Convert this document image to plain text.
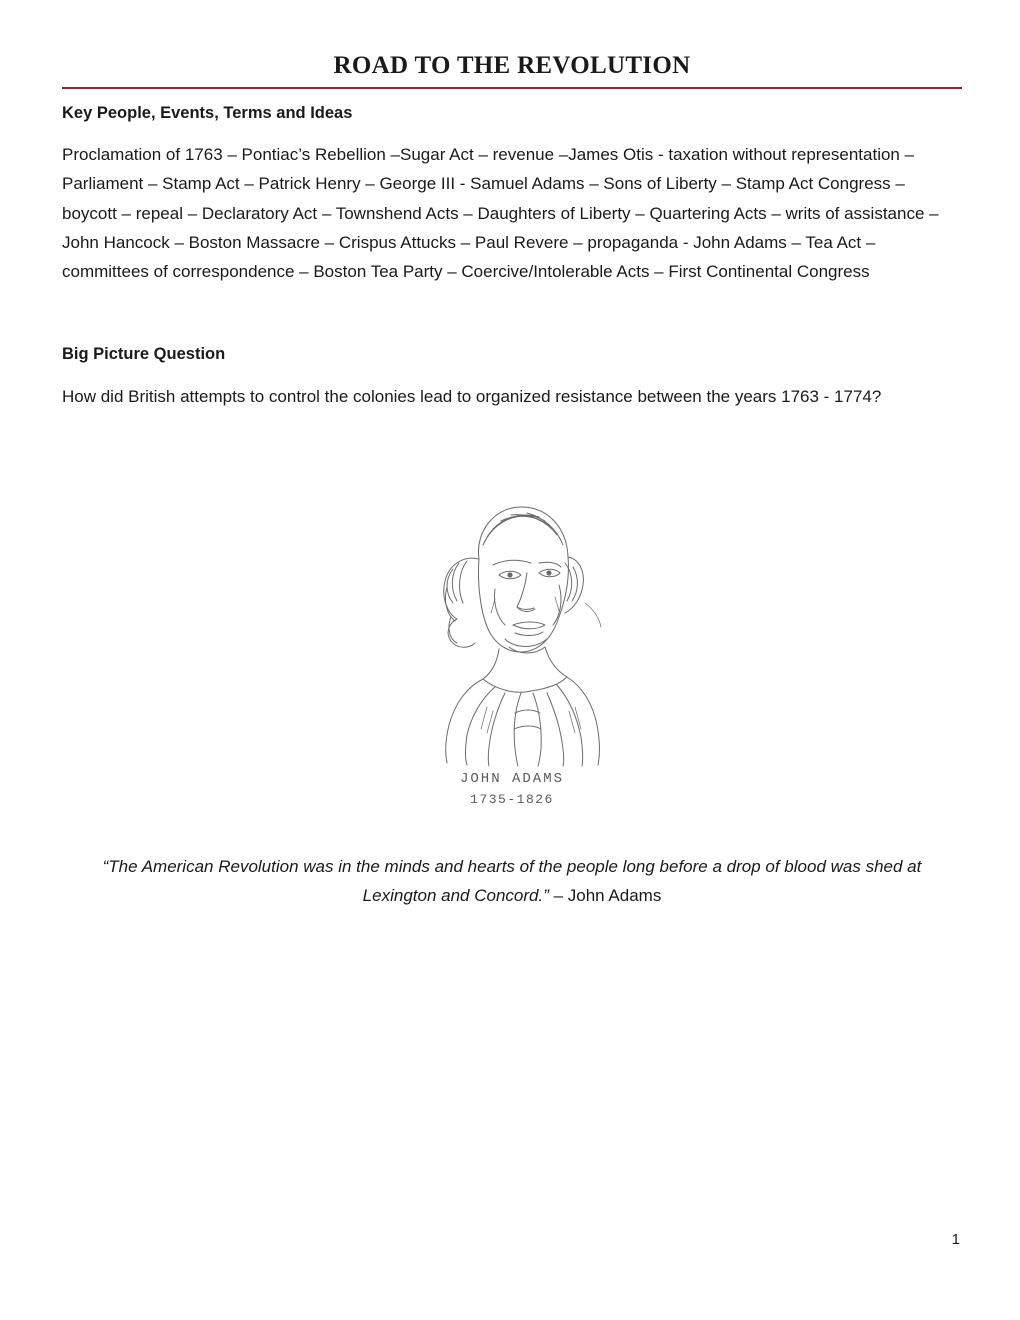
ROAD TO THE REVOLUTION
Key People, Events, Terms and Ideas

Proclamation of 1763 – Pontiac’s Rebellion –Sugar Act – revenue –James Otis - taxation without representation – Parliament – Stamp Act – Patrick Henry – George III - Samuel Adams – Sons of Liberty – Stamp Act Congress – boycott – repeal – Declaratory Act – Townshend Acts – Daughters of Liberty – Quartering Acts – writs of assistance – John Hancock – Boston Massacre – Crispus Attucks – Paul Revere – propaganda - John Adams – Tea Act – committees of correspondence – Boston Tea Party – Coercive/Intolerable Acts – First Continental Congress

Big Picture Question

How did British attempts to control the colonies lead to organized resistance between the years 1763 - 1774?

JOHN ADAMS
1735-1826
“The American Revolution was in the minds and hearts of the people long before a drop of blood was shed at Lexington and Concord.” – John Adams
1
